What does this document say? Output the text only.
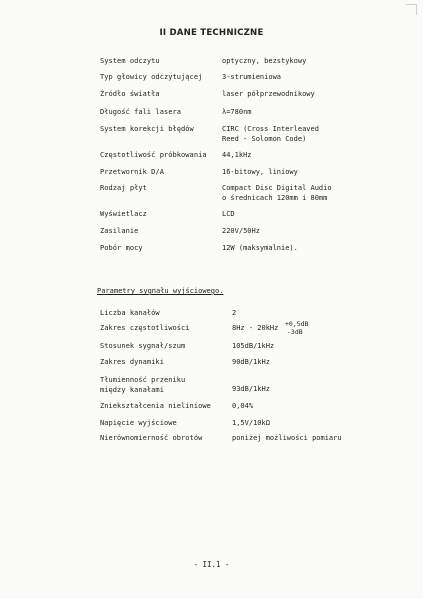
II DANE TECHNICZNE
System odczytu	optyczny, bezstykowy
Typ głowicy odczytującej	3-strumieniowa
Źródło światła	laser półprzewodnikowy
Długość fali lasera	λ=780nm
System korekcji błędów	CIRC (Cross Interleaved
Reed - Solomon Code)
Częstotliwość próbkowania 44,1kHz
Przetwornik D/A	16-bitowy, liniowy
Rodzaj płyt	Compact Disc Digital Audio
o średnicach 120mm i 80mm
Wyświetlacz	LCD
Zasilanie	220V/50Hz
Pobór mocy	12W (maksymalnie).
Parametry sygnału wyjściowego.
Liczba kanałów	2
Zakres częstotliwości	8Hz - 20kHz +0,5dB
-3dB
Stosunek sygnał/szum	105dB/1kHz
Zakres dynamiki	90dB/1kHz
Tłumienność przeniku
między kanałami	93dB/1kHz
Zniekształcenia nieliniowe	0,04%
Napięcie wyjściowe	1,5V/10kΩ
Nierównomierność obrotów	poniżej możliwości pomiaru
- II.1 -
